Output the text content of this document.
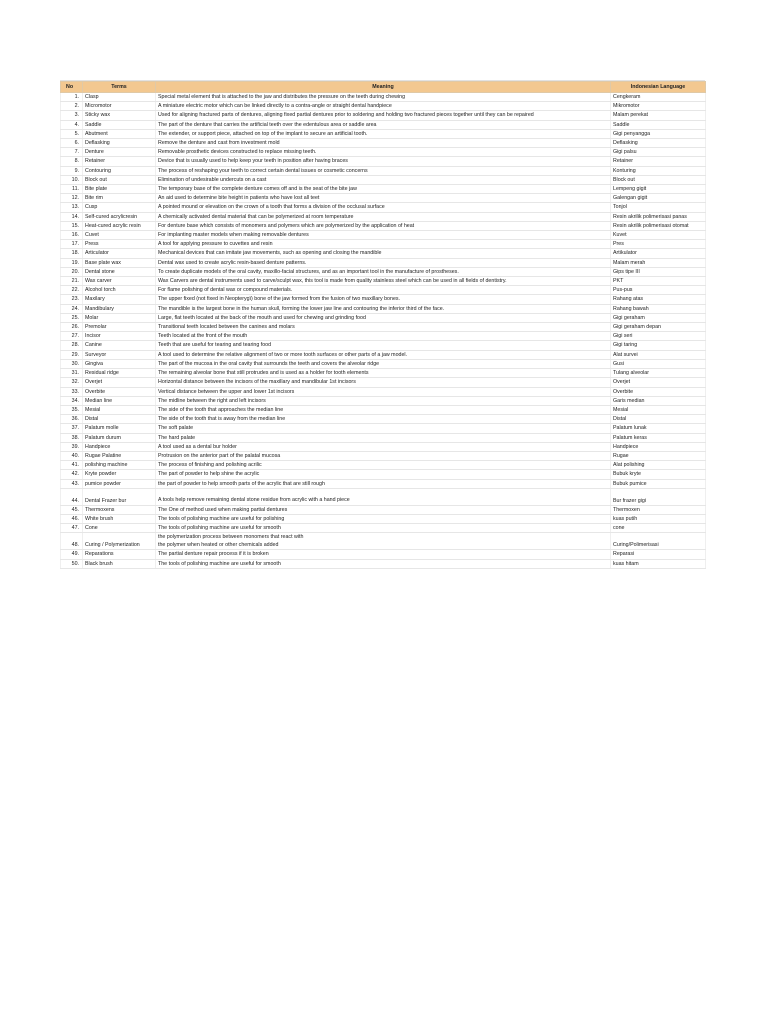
No	Terms	Meaning	Indonesian Language
1.	Clasp	Special metal element that is attached to the jaw and distributes the pressure on the teeth during chewing	Cengkeram
2.	Micromotor	A miniature electric motor which can be linked directly to a contra-angle or straight dental handpiece	Mikromotor
3.	Sticky wax	Used for aligning fractured parts of dentures, aligning fixed partial dentures prior to soldering and holding two fractured pieces together until they can be repaired	Malam perekat
4.	Saddle	The part of the denture that carries the artificial teeth over the edentulous area or saddle area	Saddle
5.	Abutment	The extender, or support piece, attached on top of the implant to secure an artificial tooth.	Gigi penyangga
6.	Deflasking	Remove the denture and cast from investment mold	Deflasking
7.	Denture	Removable prosthetic devices constructed to replace missing teeth.	Gigi palsu
8.	Retainer	Device that is usually used to help keep your teeth in position after having braces	Retainer
9.	Contouring	The process of reshaping your teeth to correct certain dental issues or cosmetic concerns	Konturing
10.	Block out	Elimination of undesirable undercuts on a cast	Block out
11.	Bite plate	The temporary base of the complete denture comes off and is the seat of the bite jaw	Lempeng gigit
12.	Bite rim	An aid used to determine bite height in patients who have lost all teet	Galengan gigit
13.	Cusp	A pointed mound or elevation on the crown of a tooth that forms a division of the occlusal surface	Tonjol
14.	Self-cured acrylicresin	A chemically activated dental material that can be polymerized at room temperature	Resin akrilik polimerisasi panas
15.	Heat-cured acrylic resin	For denture base which consists of monomers and polymers which are polymerized by the application of heat	Resin akrilik polimerisasi otomat
16.	Cuvet	For implanting master models when making removable dentures	Kuvet
17.	Press	A tool for applying pressure to cuvettes and resin	Pres
18.	Articulator	Mechanical devices that can imitate jaw movements, such as opening and closing the mandible	Artikulator
19.	Base plate wax	Dental wax used to create acrylic resin-based denture patterns.	Malam merah
20.	Dental stone	To create duplicate models of the oral cavity, maxillo-facial structures, and as an important tool in the manufacture of prostheses.	Gips tipe III
21.	Wax carver	Wax Carvers are dental instruments used to carve/sculpt wax, this tool is made from quality stainless steel which can be used in all fields of dentistry.	PKT
22.	Alcohol torch	For flame polishing of dental wax or compound materials.	Pus-pus
23.	Maxilary	The upper fixed (not fixed in Neopterygï) bone of the jaw formed from the fusion of two maxillary bones.	Rahang atas
24.	Mandibulary	The mandible is the largest bone in the human skull, forming the lower jaw line and contouring the inferior third of the face.	Rahang bawah
25.	Molar	Large, flat teeth located at the back of the mouth and used for chewing and grinding food	Gigi geraham
26.	Premolar	Transitional teeth located between the canines and molars	Gigi geraham depan
27.	Incisor	Teeth located at the front of the mouth	Gigi seri
28.	Canine	Teeth that are useful for tearing and tearing food	Gigi taring
29.	Surveyor	A tool used to determine the relative alignment of two or more tooth surfaces or other parts of a jaw model.	Alat survei
30.	Gingiva	The part of the mucosa in the oral cavity that surrounds the teeth and covers the alveolar ridge	Gusi
31.	Residual ridge	The remaining alveolar bone that still protrudes and is used as a holder for tooth elements	Tulang alveolar
32.	Overjet	Horizontal distance between the incisors of the maxillary and mandibular 1st incisors	Overjet
33.	Overbite	Vertical distance between the upper and lower 1st incisors	Overbite
34.	Median line	The midline between the right and left incisors	Garis median
35.	Mesial	The side of the tooth that approaches the median line	Mesial
36.	Distal	The side of the tooth that is away from the median line	Distal
37.	Palatum molle	The soft palate	Palatum lunak
38.	Palatum durum	The hard palate	Palatum keras
39.	Handpiece	A tool used as a dental bur holder	Handpiece
40.	Rugae Palatine	Protrusion on the anterior part of the palatal mucosa	Rugae
41.	polishing machine	The process of finishing and polishing acrilic	Alat polishing
42.	Kryte powder	The part of powder to help shine the acrylic	Bubuk kryte
43.	pumice powder	the part of powder to help smooth parts of the acrylic that are still rough	Bubuk pumice
44.	Dental Frazer bur	A tools help remove remaining dental stone residue from acrylic with a hand piece	Bur frazer gigi
45.	Thermoxens	The One of method used when making partial dentures	Thermoxen
46.	White brush	The tools of polishing machine are useful for polishing	kuas putih
47.	Cone	The tools of polishing machine are useful for smooth	cone
48.	Curing / Polymerization	the polymerization process between monomers that react with
the polymer when heated or other chemicals added	Curing/Polimerisasi
49.	Reparations	The partial denture repair process if it is broken	Reparasi
50.	Black brush	The tools of polishing machine are useful for smooth	kuas hitam
